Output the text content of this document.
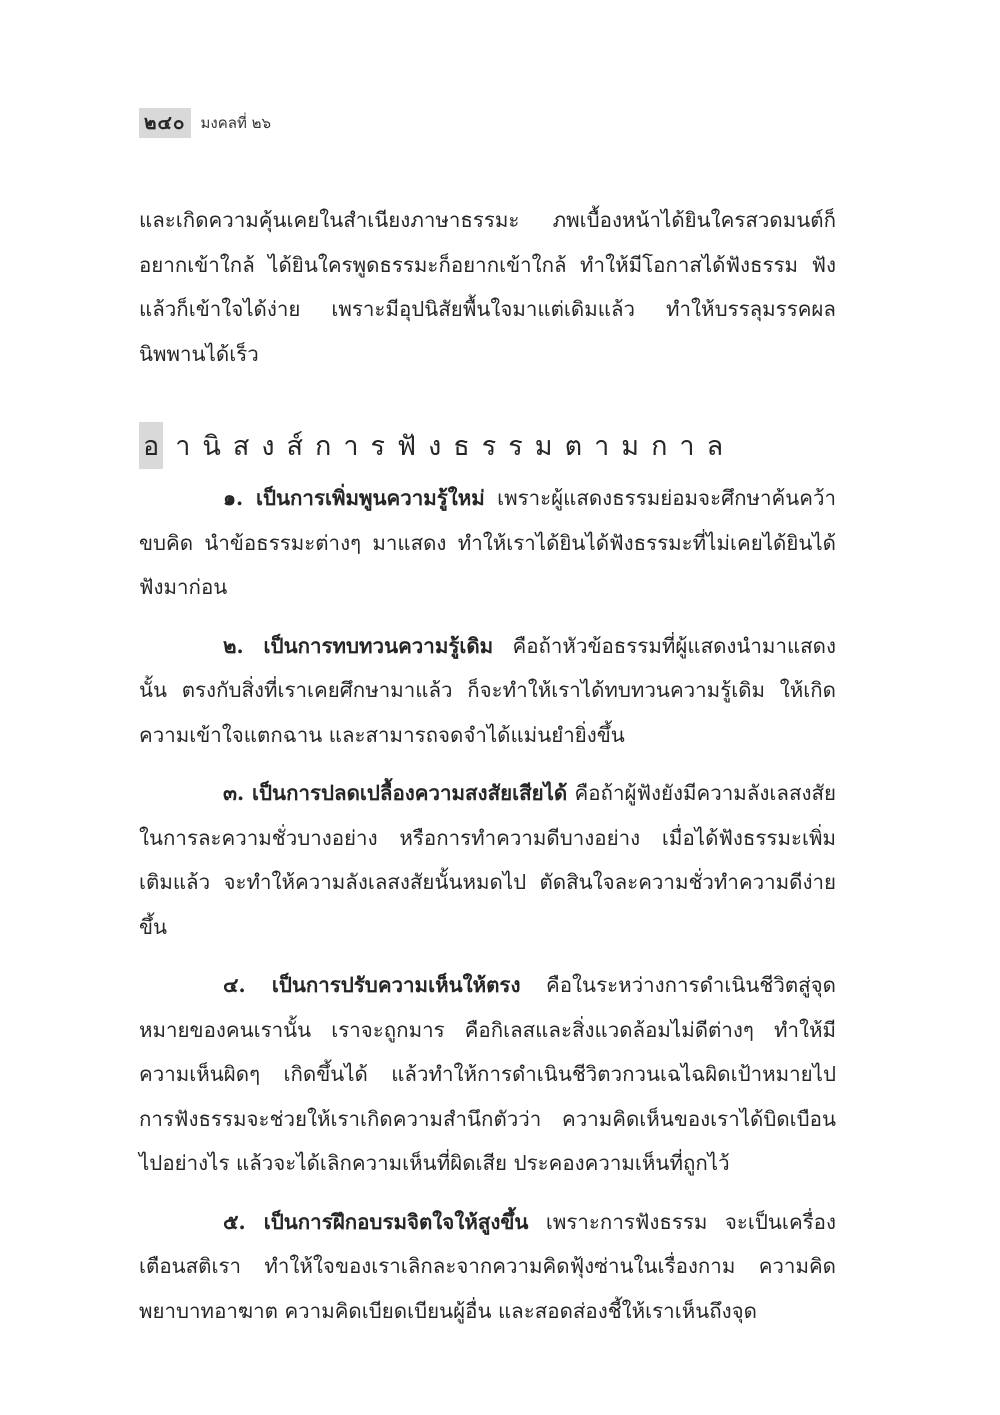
๒๔๐	มงคลที่ ๒๖

และเกิดความคุ้นเคยในสำเนียงภาษาธรรมะ ภพเบื้องหน้าได้ยินใครสวดมนต์ก็อยากเข้าใกล้ ได้ยินใครพูดธรรมะก็อยากเข้าใกล้ ทำให้มีโอกาสได้ฟังธรรม ฟังแล้วก็เข้าใจได้ง่าย เพราะมีอุปนิสัยพื้นใจมาแต่เดิมแล้ว ทำให้บรรลุมรรคผลนิพพานได้เร็ว

อ านิสงส์การฟังธรรมตามกาล

๑. เป็นการเพิ่มพูนความรู้ใหม่ เพราะผู้แสดงธรรมย่อมจะศึกษาค้นคว้าขบคิด นำข้อธรรมะต่างๆ มาแสดง ทำให้เราได้ยินได้ฟังธรรมะที่ไม่เคยได้ยินได้ฟังมาก่อน

๒. เป็นการทบทวนความรู้เดิม คือถ้าหัวข้อธรรมที่ผู้แสดงนำมาแสดงนั้น ตรงกับสิ่งที่เราเคยศึกษามาแล้ว ก็จะทำให้เราได้ทบทวนความรู้เดิม ให้เกิดความเข้าใจแตกฉาน และสามารถจดจำได้แม่นยำยิ่งขึ้น

๓. เป็นการปลดเปลื้องความสงสัยเสียได้ คือถ้าผู้ฟังยังมีความลังเลสงสัยในการละความชั่วบางอย่าง หรือการทำความดีบางอย่าง เมื่อได้ฟังธรรมะเพิ่มเติมแล้ว จะทำให้ความลังเลสงสัยนั้นหมดไป ตัดสินใจละความชั่วทำความดีง่ายขึ้น

๔. เป็นการปรับความเห็นให้ตรง คือในระหว่างการดำเนินชีวิตสู่จุดหมายของคนเรานั้น เราจะถูกมาร คือกิเลสและสิ่งแวดล้อมไม่ดีต่างๆ ทำให้มีความเห็นผิดๆ เกิดขึ้นได้ แล้วทำให้การดำเนินชีวิตวกวนเฉไฉผิดเป้าหมายไป การฟังธรรมจะช่วยให้เราเกิดความสำนึกตัวว่า ความคิดเห็นของเราได้บิดเบือนไปอย่างไร แล้วจะได้เลิกความเห็นที่ผิดเสีย ประคองความเห็นที่ถูกไว้

๕. เป็นการฝึกอบรมจิตใจให้สูงขึ้น เพราะการฟังธรรม จะเป็นเครื่องเตือนสติเรา ทำให้ใจของเราเลิกละจากความคิดฟุ้งซ่านในเรื่องกาม ความคิดพยาบาทอาฆาต ความคิดเบียดเบียนผู้อื่น และสอดส่องชี้ให้เราเห็นถึงจุด
